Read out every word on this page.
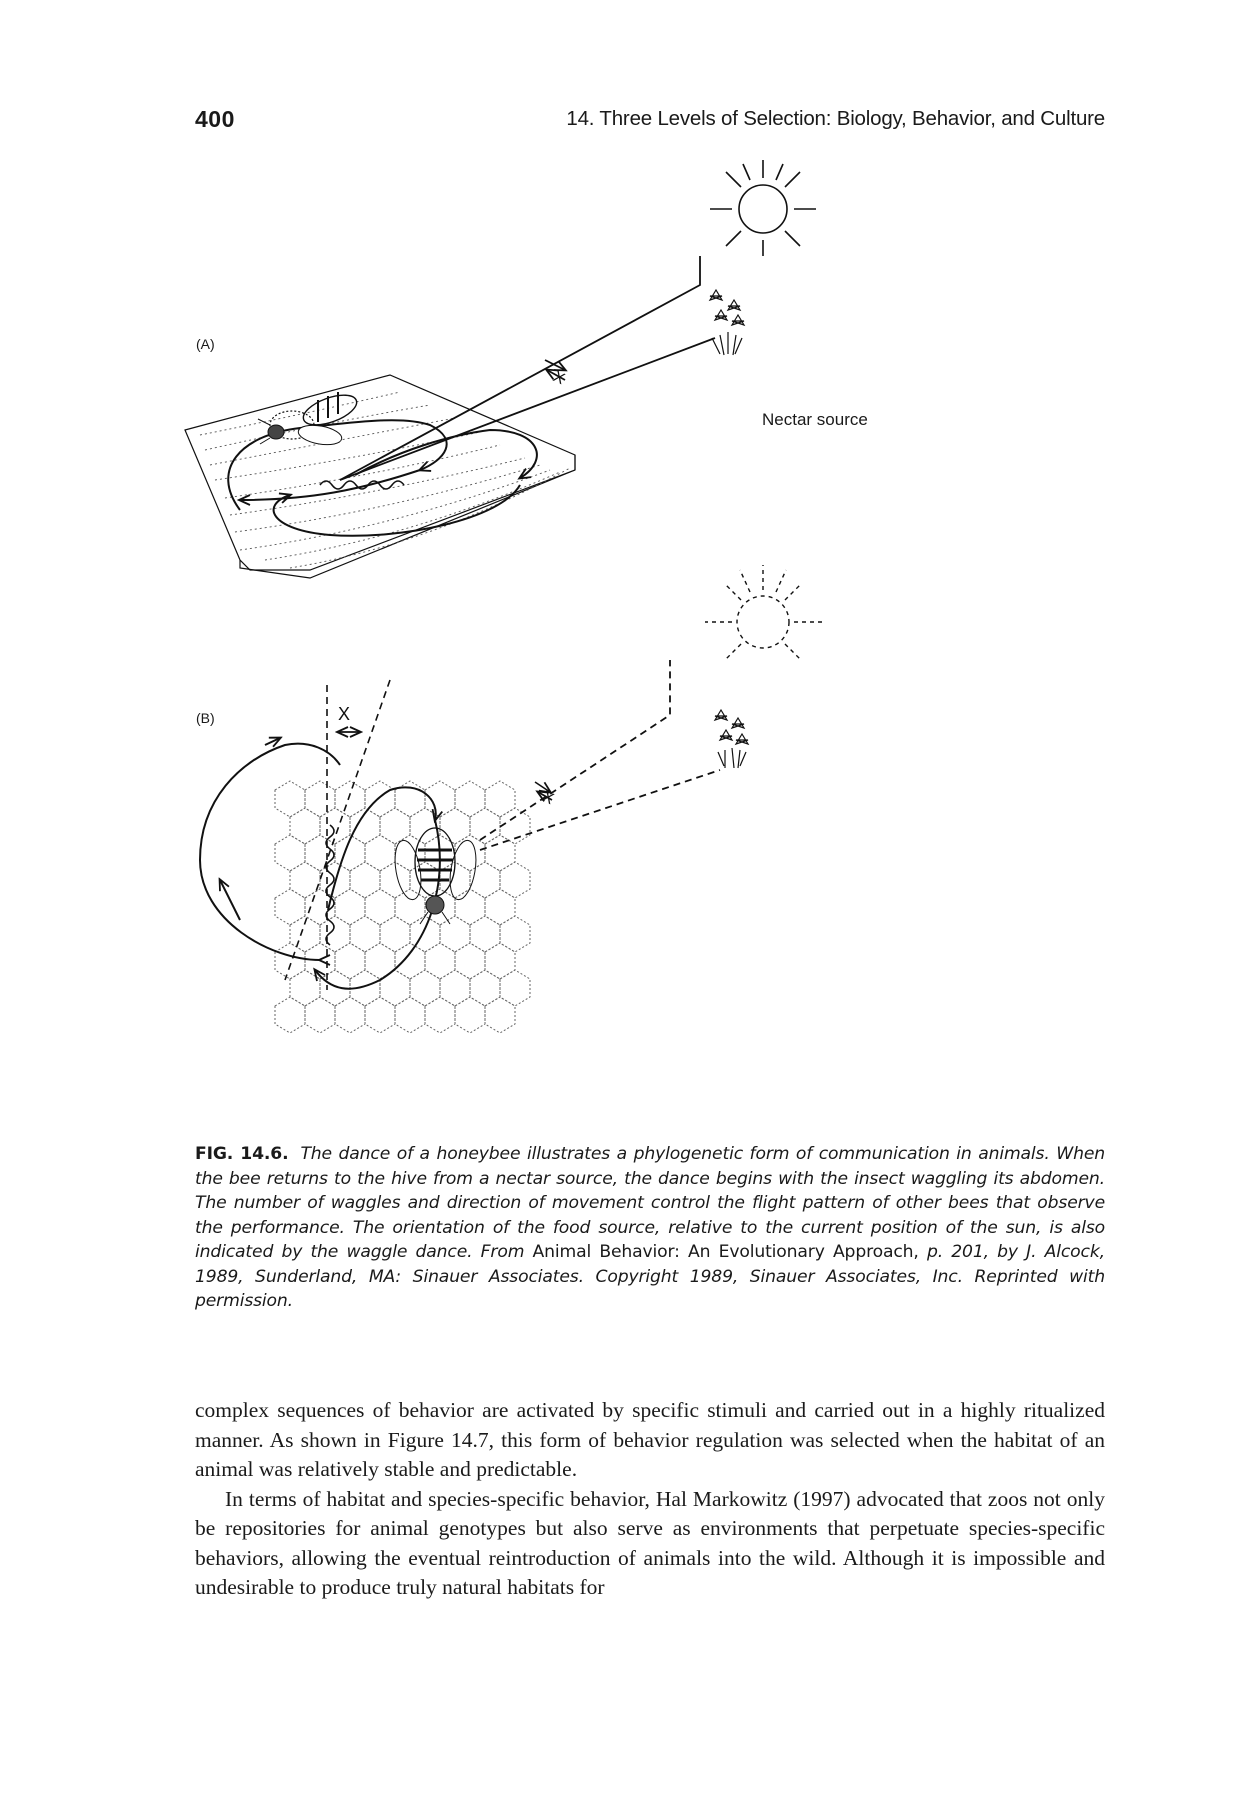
400	14. Three Levels of Selection: Biology, Behavior, and Culture
X
X
X
(A)
(B)
Nectar source
FIG. 14.6. The dance of a honeybee illustrates a phylogenetic form of communication in animals. When the bee returns to the hive from a nectar source, the dance begins with the insect waggling its abdomen. The number of waggles and direction of movement control the flight pattern of other bees that observe the performance. The orientation of the food source, relative to the current position of the sun, is also indicated by the waggle dance. From Animal Behavior: An Evolutionary Approach, p. 201, by J. Alcock, 1989, Sunderland, MA: Sinauer Associates. Copyright 1989, Sinauer Associates, Inc. Reprinted with permission.

complex sequences of behavior are activated by specific stimuli and carried out in a highly ritualized manner. As shown in Figure 14.7, this form of behavior regulation was selected when the habitat of an animal was relatively stable and predictable.

In terms of habitat and species-specific behavior, Hal Markowitz (1997) advocated that zoos not only be repositories for animal genotypes but also serve as environments that perpetuate species-specific behaviors, allowing the eventual reintroduction of animals into the wild. Although it is impossible and undesirable to produce truly natural habitats for
